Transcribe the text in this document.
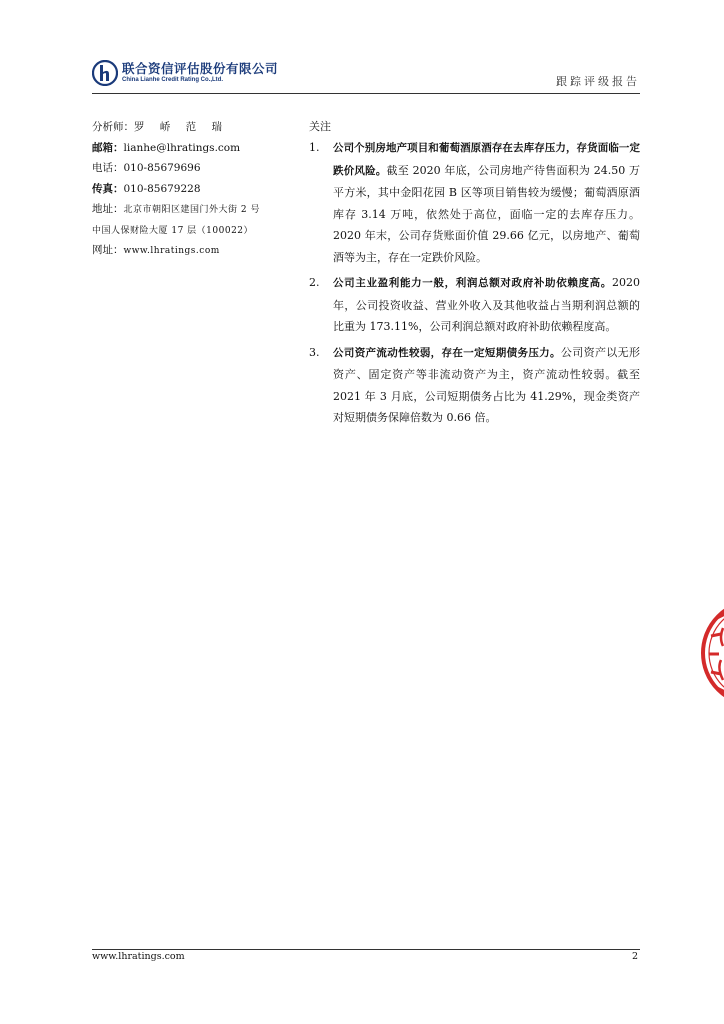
联合资信评估股份有限公司
China Lianhe Credit Rating Co.,Ltd.	跟踪评级报告
分析师：罗 峤 范 瑞
邮箱：lianhe@lhratings.com
电话：010-85679696
传真：010-85679228
地址：北京市朝阳区建国门外大街 2 号
中国人保财险大厦 17 层（100022）
网址：www.lhratings.com
关注
1. 公司个别房地产项目和葡萄酒原酒存在去库存压力，存货面临一定跌价风险。截至 2020 年底，公司房地产待售面积为 24.50 万平方米，其中金阳花园 B 区等项目销售较为缓慢；葡萄酒原酒库存 3.14 万吨，依然处于高位，面临一定的去库存压力。2020 年末，公司存货账面价值 29.66 亿元，以房地产、葡萄酒等为主，存在一定跌价风险。
2. 公司主业盈利能力一般，利润总额对政府补助依赖度高。2020 年，公司投资收益、营业外收入及其他收益占当期利润总额的比重为 173.11%，公司利润总额对政府补助依赖程度高。
3. 公司资产流动性较弱，存在一定短期债务压力。公司资产以无形资产、固定资产等非流动资产为主，资产流动性较弱。截至 2021 年 3 月底，公司短期债务占比为 41.29%，现金类资产对短期债务保障倍数为 0.66 倍。
www.lhratings.com	2
